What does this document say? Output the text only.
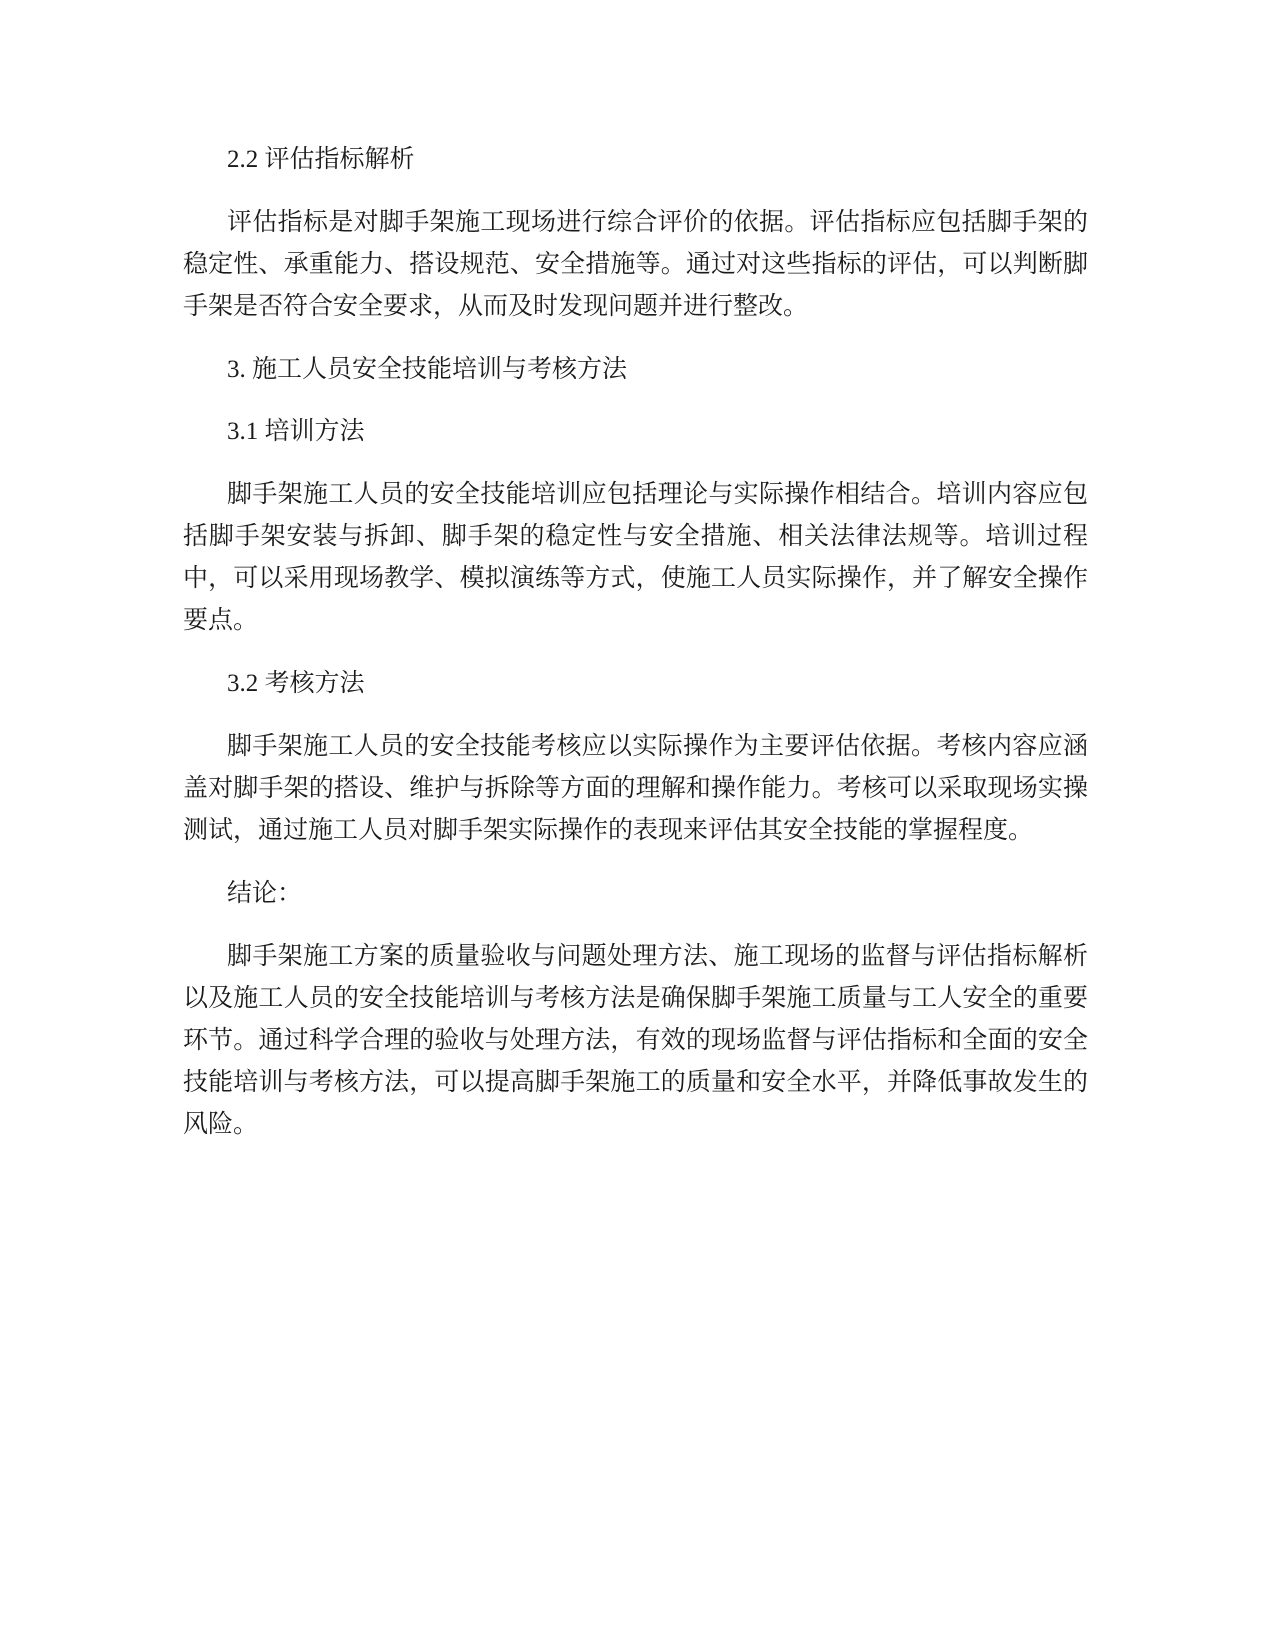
2.2 评估指标解析

评估指标是对脚手架施工现场进行综合评价的依据。评估指标应包括脚手架的稳定性、承重能力、搭设规范、安全措施等。通过对这些指标的评估，可以判断脚手架是否符合安全要求，从而及时发现问题并进行整改。

3. 施工人员安全技能培训与考核方法
3.1 培训方法

脚手架施工人员的安全技能培训应包括理论与实际操作相结合。培训内容应包括脚手架安装与拆卸、脚手架的稳定性与安全措施、相关法律法规等。培训过程中，可以采用现场教学、模拟演练等方式，使施工人员实际操作，并了解安全操作要点。

3.2 考核方法

脚手架施工人员的安全技能考核应以实际操作为主要评估依据。考核内容应涵盖对脚手架的搭设、维护与拆除等方面的理解和操作能力。考核可以采取现场实操测试，通过施工人员对脚手架实际操作的表现来评估其安全技能的掌握程度。

结论：

脚手架施工方案的质量验收与问题处理方法、施工现场的监督与评估指标解析以及施工人员的安全技能培训与考核方法是确保脚手架施工质量与工人安全的重要环节。通过科学合理的验收与处理方法，有效的现场监督与评估指标和全面的安全技能培训与考核方法，可以提高脚手架施工的质量和安全水平，并降低事故发生的风险。
